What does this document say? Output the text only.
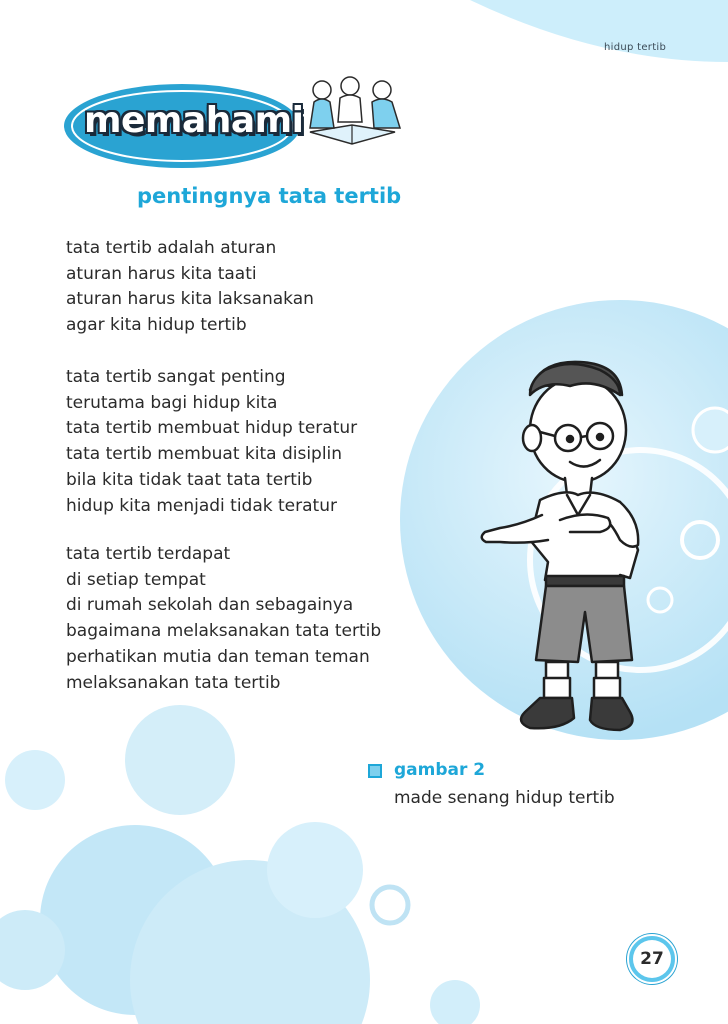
hidup tertib
memahami
pentingnya tata tertib
tata tertib adalah aturan
aturan harus kita taati
aturan harus kita laksanakan
agar kita hidup tertib
tata tertib sangat penting
terutama bagi hidup kita
tata tertib membuat hidup teratur
tata tertib membuat kita disiplin
bila kita tidak taat tata tertib
hidup kita menjadi tidak teratur
tata tertib terdapat
di setiap tempat
di rumah sekolah dan sebagainya
bagaimana melaksanakan tata tertib
perhatikan mutia dan teman teman
melaksanakan tata tertib
gambar 2
made senang hidup tertib
27
